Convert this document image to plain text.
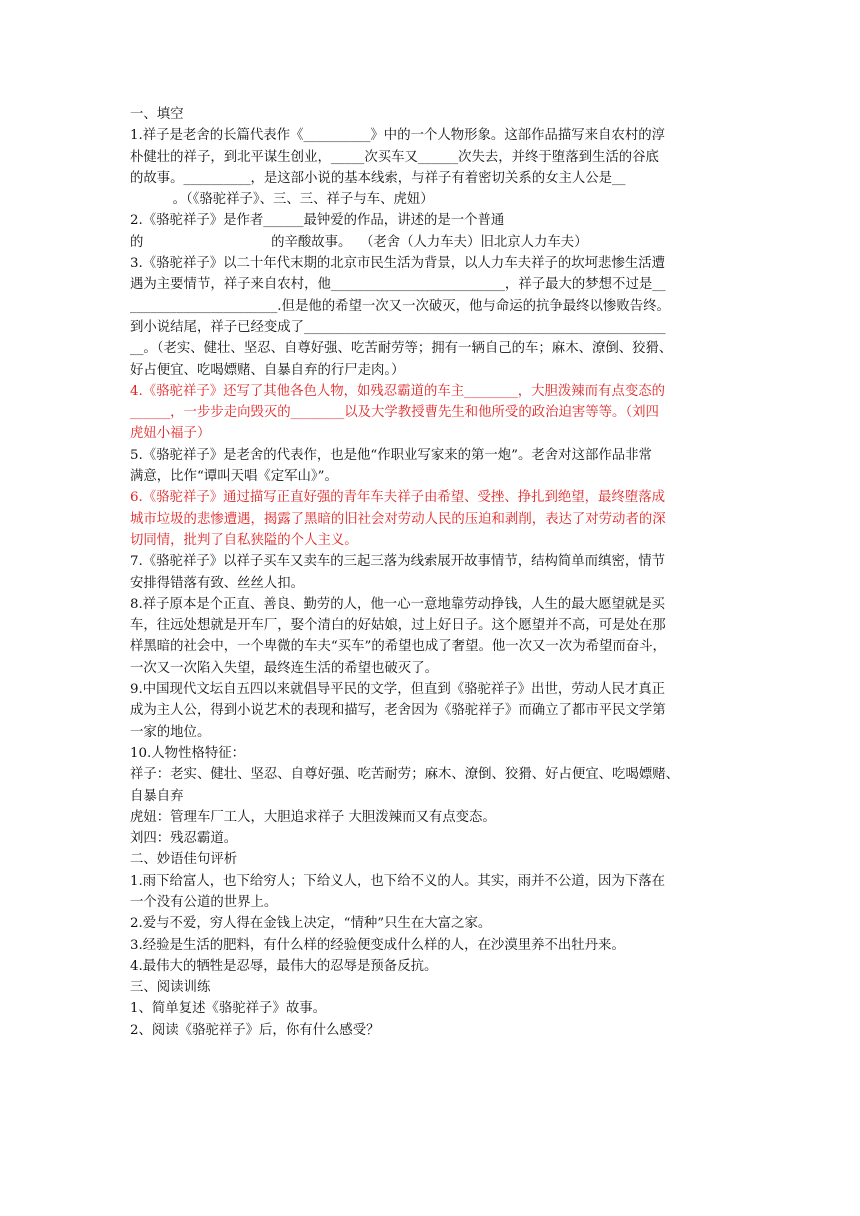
一、填空
1.祥子是老舍的长篇代表作《__________》中的一个人物形象。这部作品描写来自农村的淳
朴健壮的祥子，到北平谋生创业，_____次买车又______次失去，并终于堕落到生活的谷底
的故事。__________，是这部小说的基本线索，与祥子有着密切关系的女主人公是__
。（《骆驼祥子》、三、三、祥子与车、虎妞）
2.《骆驼祥子》是作者______最钟爱的作品，讲述的是一个普通
的                              的辛酸故事。  （老舍（人力车夫）旧北京人力车夫）
3.《骆驼祥子》以二十年代末期的北京市民生活为背景，以人力车夫祥子的坎坷悲惨生活遭
遇为主要情节，祥子来自农村，他__________________________，祥子最大的梦想不过是__
______________________.但是他的希望一次又一次破灭，他与命运的抗争最终以惨败告终。
到小说结尾，祥子已经变成了______________________________________________________
__。（老实、健壮、坚忍、自尊好强、吃苦耐劳等；拥有一辆自己的车；麻木、潦倒、狡猾、
好占便宜、吃喝嫖赌、自暴自弃的行尸走肉。）
4.《骆驼祥子》还写了其他各色人物，如残忍霸道的车主________，大胆泼辣而有点变态的
______，一步步走向毁灭的________以及大学教授曹先生和他所受的政治迫害等等。（刘四
虎妞小福子）
5.《骆驼祥子》是老舍的代表作，也是他“作职业写家来的第一炮”。老舍对这部作品非常
满意，比作“谭叫天唱《定军山》”。
6.《骆驼祥子》通过描写正直好强的青年车夫祥子由希望、受挫、挣扎到绝望，最终堕落成
城市垃圾的悲惨遭遇，揭露了黑暗的旧社会对劳动人民的压迫和剥削，表达了对劳动者的深
切同情，批判了自私狭隘的个人主义。
7.《骆驼祥子》以祥子买车又卖车的三起三落为线索展开故事情节，结构简单而缜密，情节
安排得错落有致、丝丝人扣。
8.祥子原本是个正直、善良、勤劳的人，他一心一意地靠劳动挣钱，人生的最大愿望就是买
车，往远处想就是开车厂，娶个清白的好姑娘，过上好日子。这个愿望并不高，可是处在那
样黑暗的社会中，一个卑微的车夫“买车”的希望也成了奢望。他一次又一次为希望而奋斗，
一次又一次陷入失望，最终连生活的希望也破灭了。
9.中国现代文坛自五四以来就倡导平民的文学，但直到《骆驼祥子》出世，劳动人民才真正
成为主人公，得到小说艺术的表现和描写，老舍因为《骆驼祥子》而确立了都市平民文学第
一家的地位。
10.人物性格特征：
祥子：老实、健壮、坚忍、自尊好强、吃苦耐劳；麻木、潦倒、狡猾、好占便宜、吃喝嫖赌、
自暴自弃
虎妞：管理车厂工人，大胆追求祥子 大胆泼辣而又有点变态。
刘四：残忍霸道。
二、妙语佳句评析
1.雨下给富人，也下给穷人；下给义人，也下给不义的人。其实，雨并不公道，因为下落在
一个没有公道的世界上。
2.爱与不爱，穷人得在金钱上决定，“情种”只生在大富之家。
3.经验是生活的肥料，有什么样的经验便变成什么样的人，在沙漠里养不出牡丹来。
4.最伟大的牺牲是忍辱，最伟大的忍辱是预备反抗。
三、阅读训练
1、简单复述《骆驼祥子》故事。
2、阅读《骆驼祥子》后，你有什么感受？
